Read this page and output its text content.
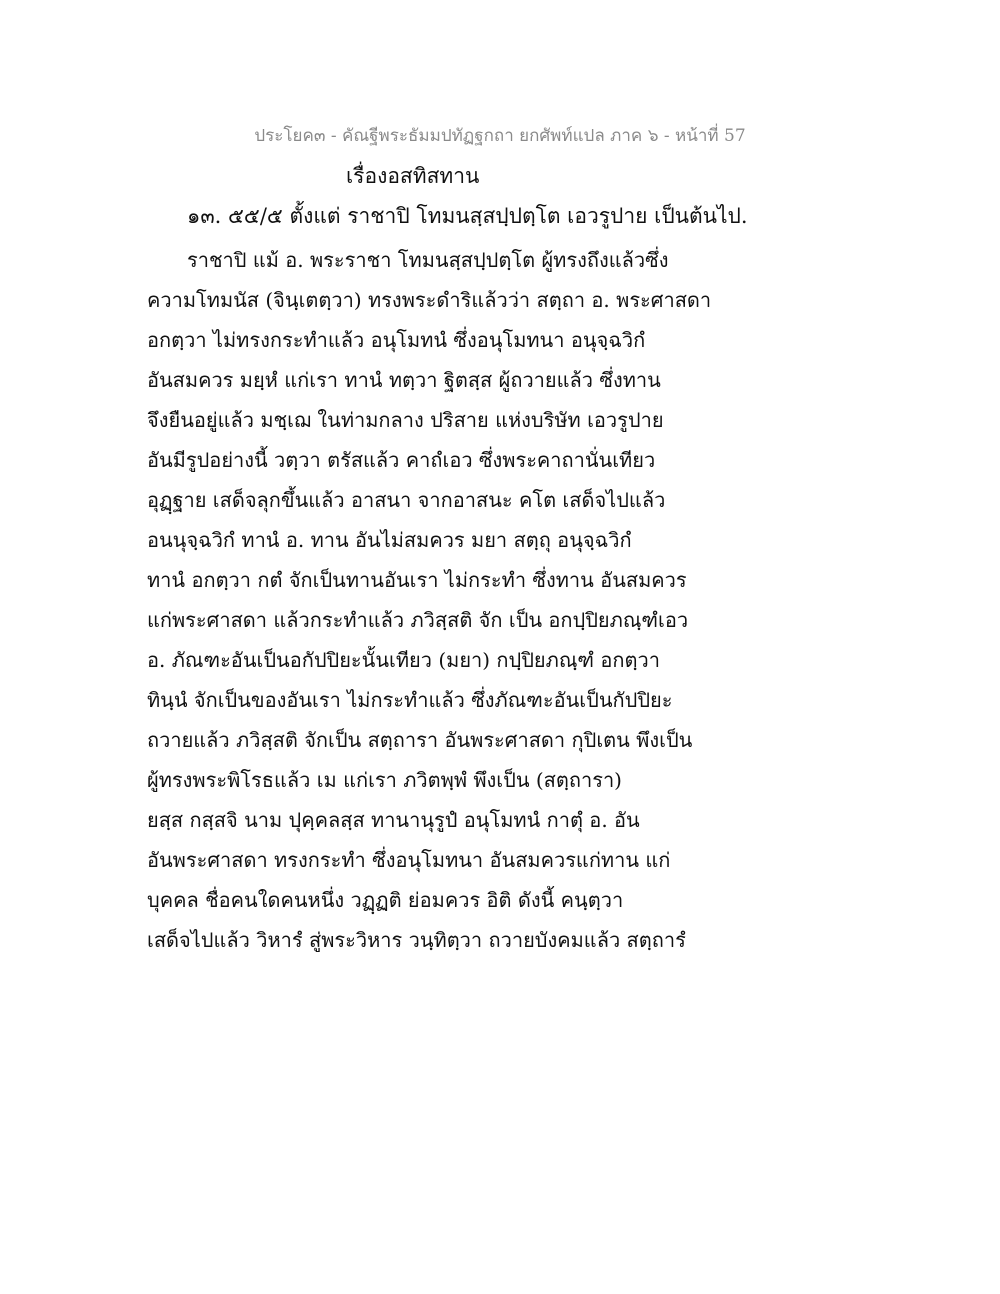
ประโยค๓ - คัณฐีพระธัมมปทัฏฐกถา ยกศัพท์แปล ภาค ๖ - หน้าที่ 57
เรื่องอสทิสทาน
๑๓. ๕๕/๕ ตั้งแต่ ราชาปิ โทมนสฺสปฺปตฺโต เอวรูปาย เป็นต้นไป.
ราชาปิ แม้ อ. พระราชา โทมนสฺสปฺปตฺโต ผู้ทรงถึงแล้วซึ่ง
ความโทมนัส (จินฺเตตฺวา) ทรงพระดำริแล้วว่า สตฺถา อ. พระศาสดา
อกตฺวา ไม่ทรงกระทำแล้ว อนุโมทนํ ซึ่งอนุโมทนา อนุจฺฉวิกํ
อันสมควร มยฺหํ แก่เรา ทานํ ทตฺวา ฐิตสฺส ผู้ถวายแล้ว ซึ่งทาน
จึงยืนอยู่แล้ว มชฺเฌ ในท่ามกลาง ปริสาย แห่งบริษัท เอวรูปาย
อันมีรูปอย่างนี้ วตฺวา ตรัสแล้ว คาถํเอว ซึ่งพระคาถานั่นเทียว
อุฏฺฐาย เสด็จลุกขึ้นแล้ว อาสนา จากอาสนะ คโต เสด็จไปแล้ว
อนนุจฺฉวิกํ ทานํ อ. ทาน อันไม่สมควร มยา สตฺถุ อนุจฺฉวิกํ
ทานํ อกตฺวา กตํ จักเป็นทานอันเรา ไม่กระทำ ซึ่งทาน อันสมควร
แก่พระศาสดา แล้วกระทำแล้ว ภวิสฺสติ จัก เป็น อกปฺปิยภณฺฑํเอว
อ. ภัณฑะอันเป็นอกัปปิยะนั้นเทียว (มยา) กปฺปิยภณฺฑํ อกตฺวา
ทินฺนํ จักเป็นของอันเรา ไม่กระทำแล้ว ซึ่งภัณฑะอันเป็นกัปปิยะ
ถวายแล้ว ภวิสฺสติ จักเป็น สตฺถารา อันพระศาสดา กุปิเตน พึงเป็น
ผู้ทรงพระพิโรธแล้ว เม แก่เรา ภวิตพฺพํ พึงเป็น (สตฺถารา)
ยสฺส กสฺสจิ นาม ปุคฺคลสฺส ทานานุรูปํ อนุโมทนํ กาตุํ อ. อัน
อันพระศาสดา ทรงกระทำ ซึ่งอนุโมทนา อันสมควรแก่ทาน แก่
บุคคล ชื่อคนใดคนหนึ่ง วฏฺฏติ ย่อมควร อิติ ดังนี้ คนฺตฺวา
เสด็จไปแล้ว วิหารํ สู่พระวิหาร วนฺทิตฺวา ถวายบังคมแล้ว สตฺถารํ
